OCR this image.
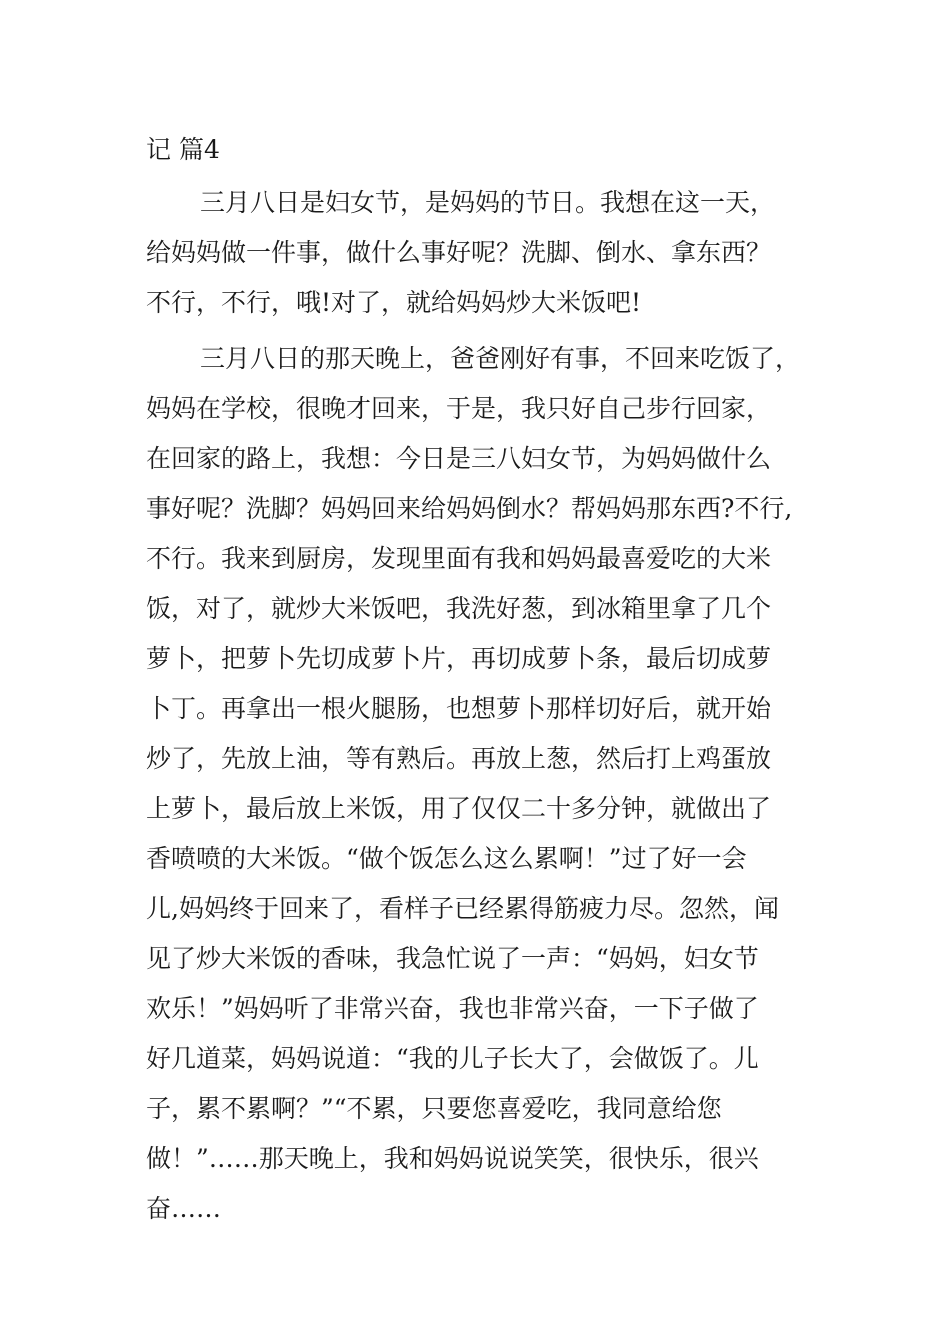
记 篇4
三月八日是妇女节，是妈妈的节日。我想在这一天，
给妈妈做一件事，做什么事好呢？洗脚、倒水、拿东西？
不行，不行，哦!对了，就给妈妈炒大米饭吧!
三月八日的那天晚上，爸爸刚好有事，不回来吃饭了，
妈妈在学校，很晚才回来，于是，我只好自己步行回家，
在回家的路上，我想：今日是三八妇女节，为妈妈做什么
事好呢？洗脚？妈妈回来给妈妈倒水？帮妈妈那东西?不行,
不行。我来到厨房，发现里面有我和妈妈最喜爱吃的大米
饭，对了，就炒大米饭吧，我洗好葱，到冰箱里拿了几个
萝卜，把萝卜先切成萝卜片，再切成萝卜条，最后切成萝
卜丁。再拿出一根火腿肠，也想萝卜那样切好后，就开始
炒了，先放上油，等有熟后。再放上葱，然后打上鸡蛋放
上萝卜，最后放上米饭，用了仅仅二十多分钟，就做出了
香喷喷的大米饭。“做个饭怎么这么累啊！”过了好一会
儿,妈妈终于回来了，看样子已经累得筋疲力尽。忽然，闻
见了炒大米饭的香味，我急忙说了一声：“妈妈，妇女节
欢乐！”妈妈听了非常兴奋，我也非常兴奋，一下子做了
好几道菜，妈妈说道：“我的儿子长大了，会做饭了。儿
子，累不累啊？”“不累，只要您喜爱吃，我同意给您
做！”……那天晚上，我和妈妈说说笑笑，很快乐，很兴
奋……
